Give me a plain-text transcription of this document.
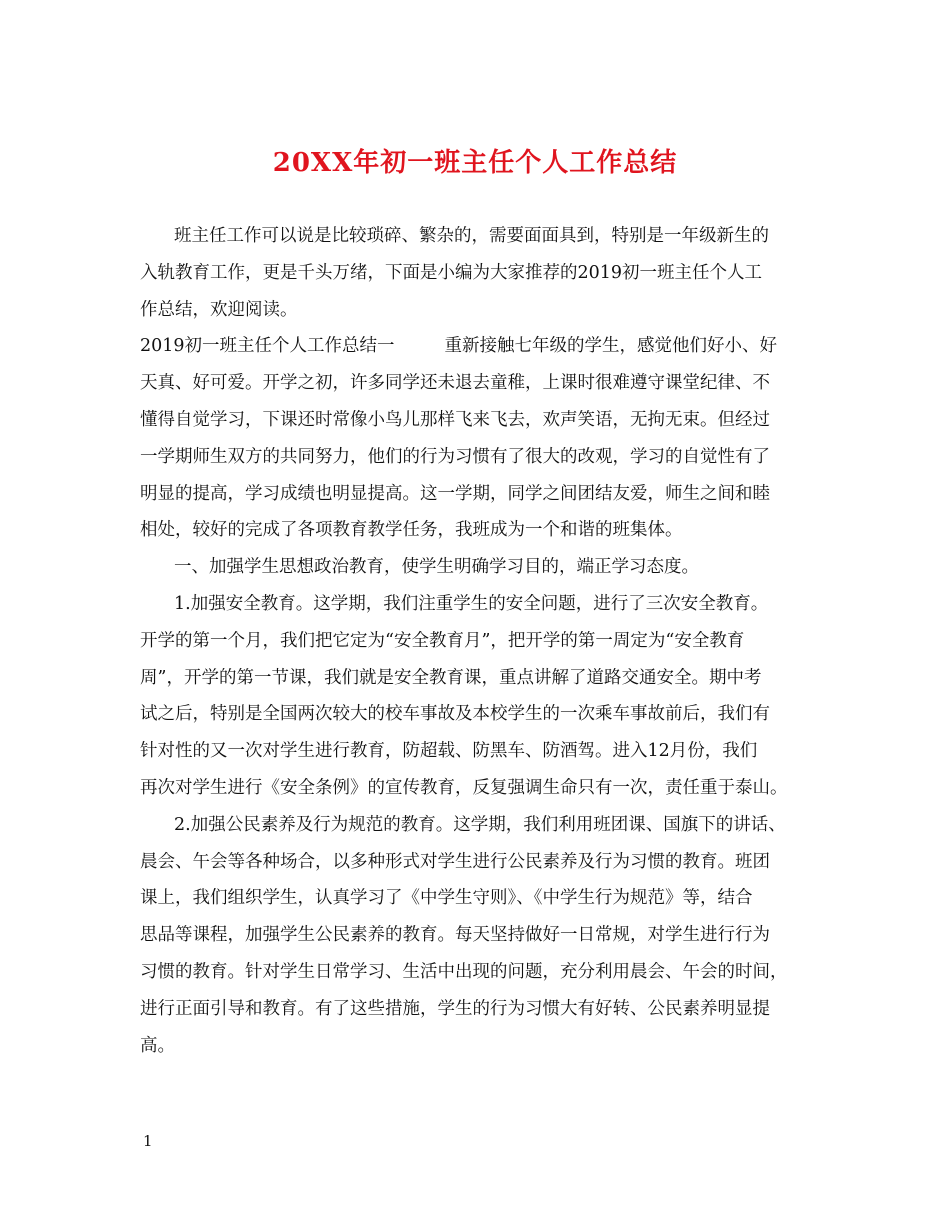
20XX年初一班主任个人工作总结
班主任工作可以说是比较琐碎、繁杂的，需要面面具到，特别是一年级新生的
入轨教育工作，更是千头万绪，下面是小编为大家推荐的2019初一班主任个人工
作总结，欢迎阅读。
2019初一班主任个人工作总结一	重新接触七年级的学生，感觉他们好小、好
天真、好可爱。开学之初，许多同学还未退去童稚，上课时很难遵守课堂纪律、不
懂得自觉学习，下课还时常像小鸟儿那样飞来飞去，欢声笑语，无拘无束。但经过
一学期师生双方的共同努力，他们的行为习惯有了很大的改观，学习的自觉性有了
明显的提高，学习成绩也明显提高。这一学期，同学之间团结友爱，师生之间和睦
相处，较好的完成了各项教育教学任务，我班成为一个和谐的班集体。
一、加强学生思想政治教育，使学生明确学习目的，端正学习态度。
1.加强安全教育。这学期，我们注重学生的安全问题，进行了三次安全教育。
开学的第一个月，我们把它定为“安全教育月”，把开学的第一周定为“安全教育
周”，开学的第一节课，我们就是安全教育课，重点讲解了道路交通安全。期中考
试之后，特别是全国两次较大的校车事故及本校学生的一次乘车事故前后，我们有
针对性的又一次对学生进行教育，防超载、防黑车、防酒驾。进入12月份，我们
再次对学生进行《安全条例》的宣传教育，反复强调生命只有一次，责任重于泰山。
2.加强公民素养及行为规范的教育。这学期，我们利用班团课、国旗下的讲话、
晨会、午会等各种场合，以多种形式对学生进行公民素养及行为习惯的教育。班团
课上，我们组织学生，认真学习了《中学生守则》、《中学生行为规范》等，结合
思品等课程，加强学生公民素养的教育。每天坚持做好一日常规，对学生进行行为
习惯的教育。针对学生日常学习、生活中出现的问题，充分利用晨会、午会的时间，
进行正面引导和教育。有了这些措施，学生的行为习惯大有好转、公民素养明显提
高。
1
